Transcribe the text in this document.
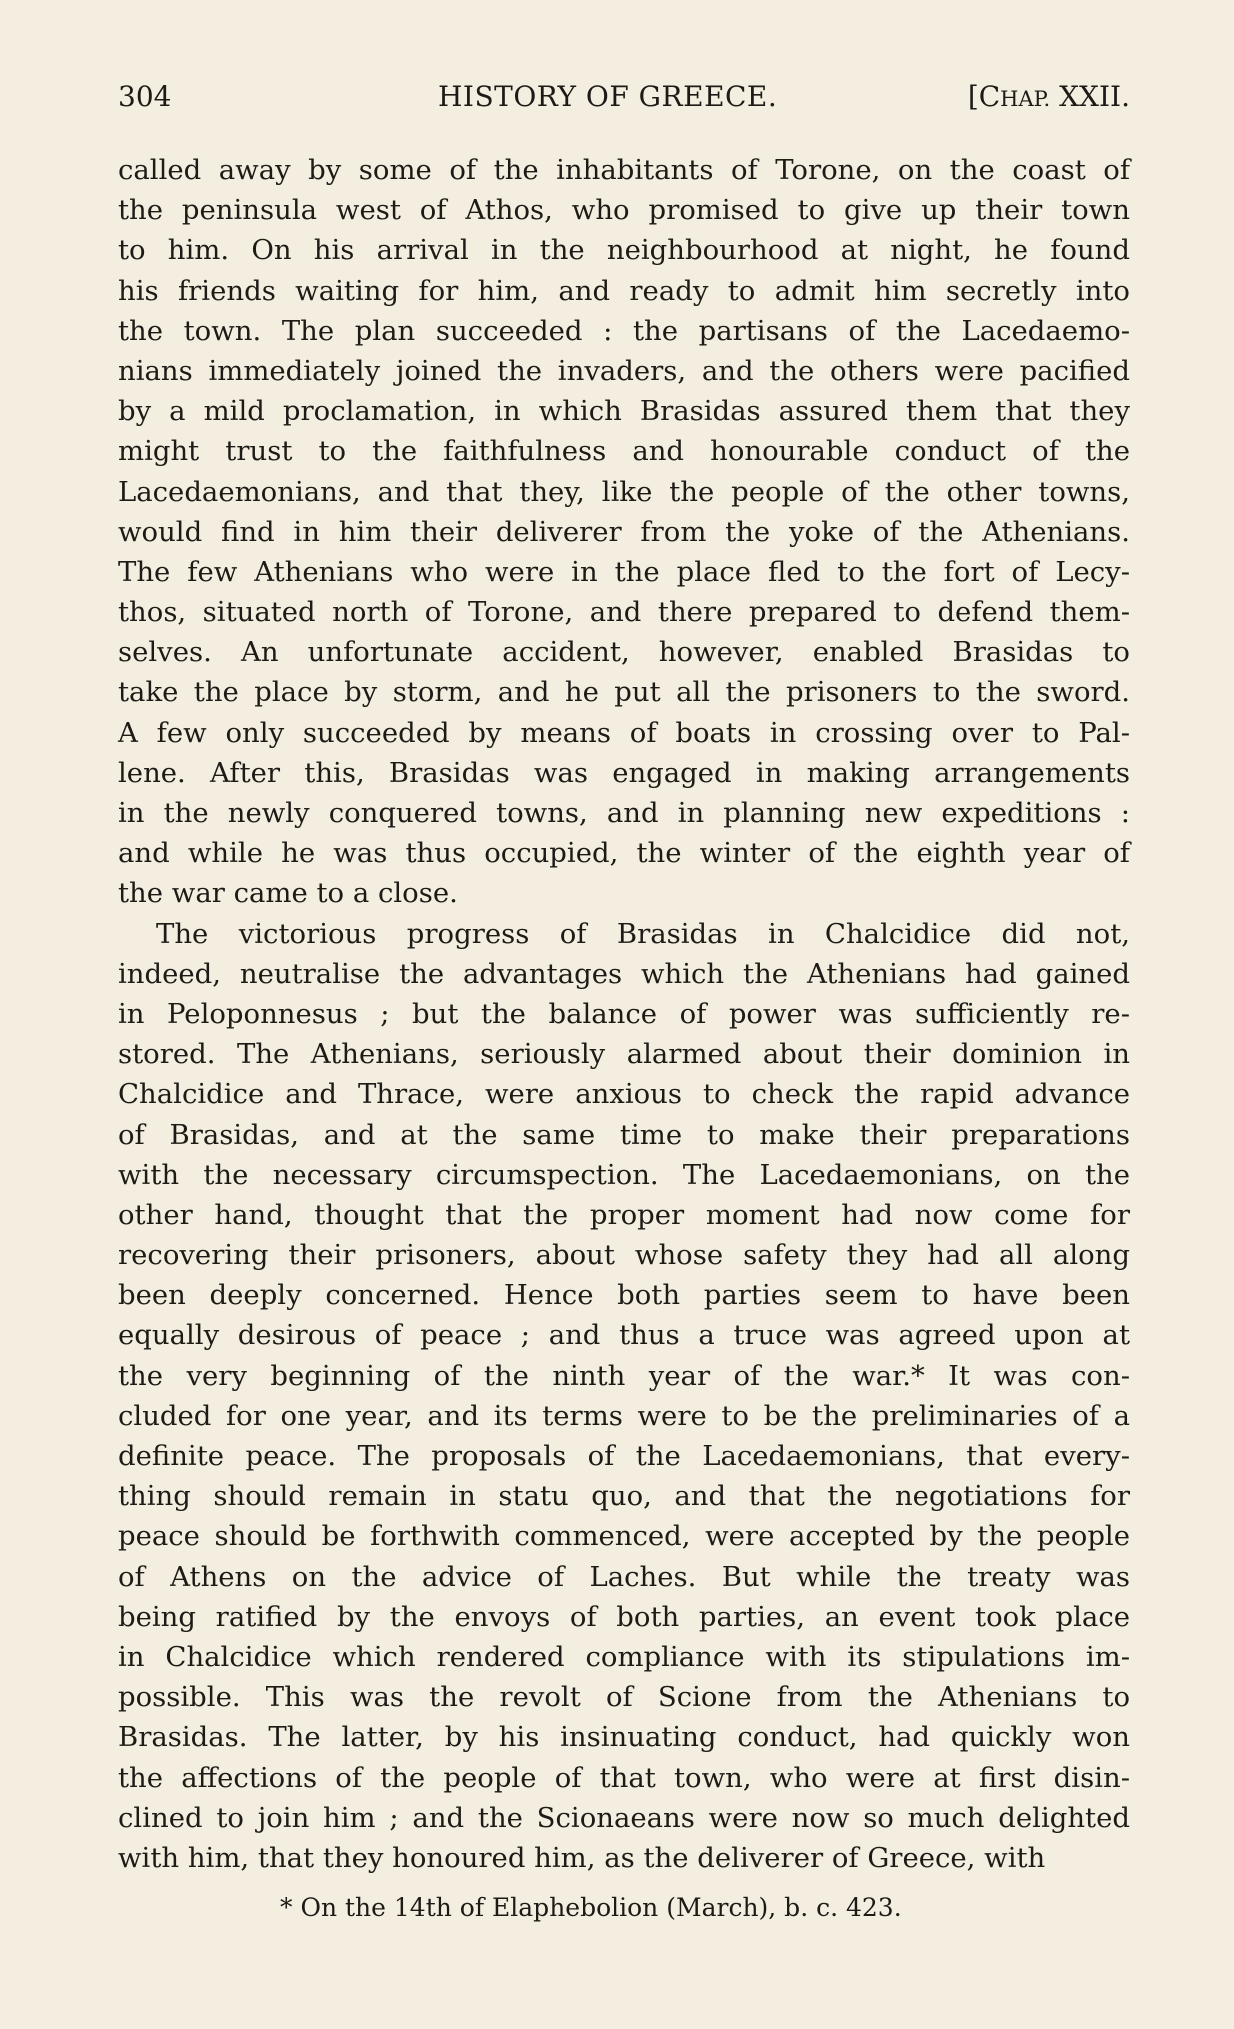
304	HISTORY OF GREECE.	[CHAP. XXII.
called away by some of the inhabitants of Torone, on the coast of
the peninsula west of Athos, who promised to give up their town
to him. On his arrival in the neighbourhood at night, he found
his friends waiting for him, and ready to admit him secretly into
the town. The plan succeeded : the partisans of the Lacedaemo-
nians immediately joined the invaders, and the others were pacified
by a mild proclamation, in which Brasidas assured them that they
might trust to the faithfulness and honourable conduct of the
Lacedaemonians, and that they, like the people of the other towns,
would find in him their deliverer from the yoke of the Athenians.
The few Athenians who were in the place fled to the fort of Lecy-
thos, situated north of Torone, and there prepared to defend them-
selves. An unfortunate accident, however, enabled Brasidas to
take the place by storm, and he put all the prisoners to the sword.
A few only succeeded by means of boats in crossing over to Pal-
lene. After this, Brasidas was engaged in making arrangements
in the newly conquered towns, and in planning new expeditions :
and while he was thus occupied, the winter of the eighth year of
the war came to a close.
The victorious progress of Brasidas in Chalcidice did not,
indeed, neutralise the advantages which the Athenians had gained
in Peloponnesus ; but the balance of power was sufficiently re-
stored. The Athenians, seriously alarmed about their dominion in
Chalcidice and Thrace, were anxious to check the rapid advance
of Brasidas, and at the same time to make their preparations
with the necessary circumspection. The Lacedaemonians, on the
other hand, thought that the proper moment had now come for
recovering their prisoners, about whose safety they had all along
been deeply concerned. Hence both parties seem to have been
equally desirous of peace ; and thus a truce was agreed upon at
the very beginning of the ninth year of the war.* It was con-
cluded for one year, and its terms were to be the preliminaries of a
definite peace. The proposals of the Lacedaemonians, that every-
thing should remain in statu quo, and that the negotiations for
peace should be forthwith commenced, were accepted by the people
of Athens on the advice of Laches. But while the treaty was
being ratified by the envoys of both parties, an event took place
in Chalcidice which rendered compliance with its stipulations im-
possible. This was the revolt of Scione from the Athenians to
Brasidas. The latter, by his insinuating conduct, had quickly won
the affections of the people of that town, who were at first disin-
clined to join him ; and the Scionaeans were now so much delighted
with him, that they honoured him, as the deliverer of Greece, with
* On the 14th of Elaphebolion (March), b. c. 423.
